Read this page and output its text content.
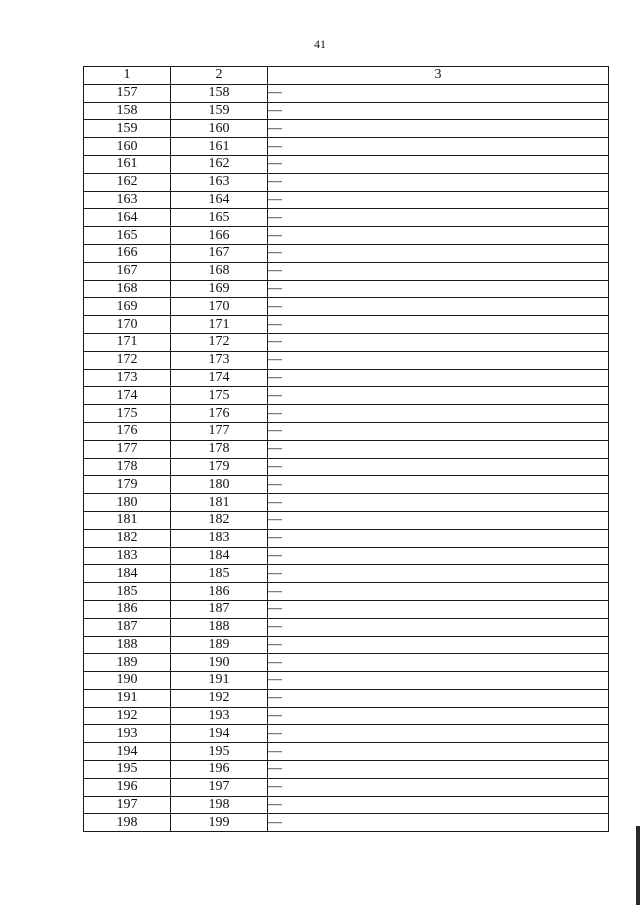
41
1	2	3
157	158	—
158	159	—
159	160	—
160	161	—
161	162	—
162	163	—
163	164	—
164	165	—
165	166	—
166	167	—
167	168	—
168	169	—
169	170	—
170	171	—
171	172	—
172	173	—
173	174	—
174	175	—
175	176	—
176	177	—
177	178	—
178	179	—
179	180	—
180	181	—
181	182	—
182	183	—
183	184	—
184	185	—
185	186	—
186	187	—
187	188	—
188	189	—
189	190	—
190	191	—
191	192	—
192	193	—
193	194	—
194	195	—
195	196	—
196	197	—
197	198	—
198	199	—
